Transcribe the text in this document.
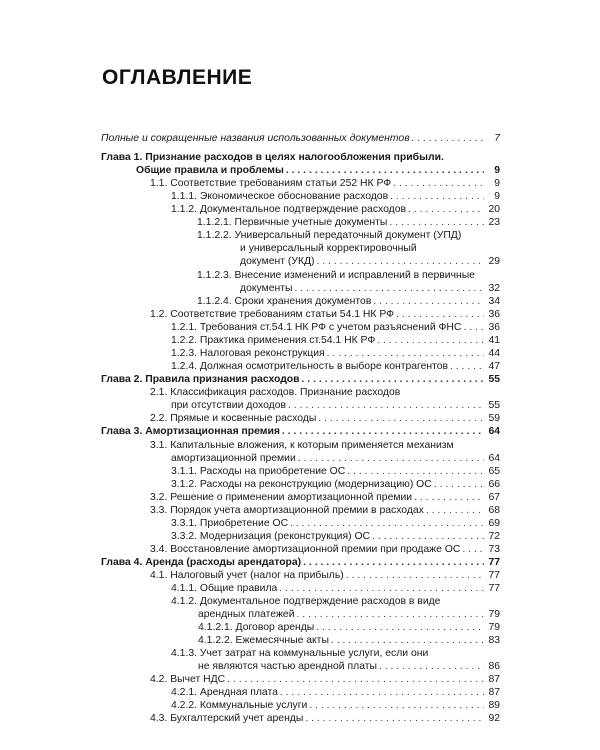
ОГЛАВЛЕНИЕ
Полные и сокращенные названия использованных документов . . .	7
Глава 1. Признание расходов в целях налогообложения прибыли.
Общие правила и проблемы . . .	9
1.1. Соответствие требованиям статьи 252 НК РФ . . .	9
1.1.1. Экономическое обоснование расходов . . .	9
1.1.2. Документальное подтверждение расходов . . .	20
1.1.2.1. Первичные учетные документы . . .	23
1.1.2.2. Универсальный передаточный документ (УПД)
и универсальный корректировочный
документ (УКД) . . .	29
1.1.2.3. Внесение изменений и исправлений в первичные
документы . . .	32
1.1.2.4. Сроки хранения документов . . .	34
1.2. Соответствие требованиям статьи 54.1 НК РФ . . .	36
1.2.1. Требования ст.54.1 НК РФ с учетом разъяснений ФНС . . .	36
1.2.2. Практика применения ст.54.1 НК РФ . . .	41
1.2.3. Налоговая реконструкция . . .	44
1.2.4. Должная осмотрительность в выборе контрагентов . . .	47
Глава 2. Правила признания расходов . . .	55
2.1. Классификация расходов. Признание расходов
при отсутствии доходов . . .	55
2.2. Прямые и косвенные расходы . . .	59
Глава 3. Амортизационная премия . . .	64
3.1. Капитальные вложения, к которым применяется механизм
амортизационной премии . . .	64
3.1.1. Расходы на приобретение ОС . . .	65
3.1.2. Расходы на реконструкцию (модернизацию) ОС . . .	66
3.2. Решение о применении амортизационной премии . . .	67
3.3. Порядок учета амортизационной премии в расходах . . .	68
3.3.1. Приобретение ОС . . .	69
3.3.2. Модернизация (реконструкция) ОС . . .	72
3.4. Восстановление амортизационной премии при продаже ОС . . .	73
Глава 4. Аренда (расходы арендатора) . . .	77
4.1. Налоговый учет (налог на прибыль) . . .	77
4.1.1. Общие правила . . .	77
4.1.2. Документальное подтверждение расходов в виде
арендных платежей . . .	79
4.1.2.1. Договор аренды . . .	79
4.1.2.2. Ежемесячные акты . . .	83
4.1.3. Учет затрат на коммунальные услуги, если они
не являются частью арендной платы . . .	86
4.2. Вычет НДС . . .	87
4.2.1. Арендная плата . . .	87
4.2.2. Коммунальные услуги . . .	89
4.3. Бухгалтерский учет аренды . . .	92
